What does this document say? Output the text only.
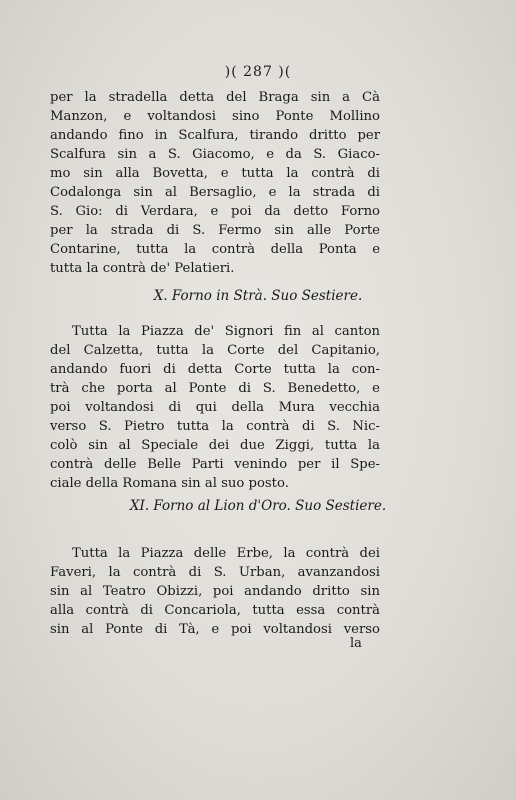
)( 287 )(
per la stradella detta del Braga sin a Cà
Manzon, e voltandosi sino Ponte Mollino
andando fino in Scalfura, tirando dritto per
Scalfura sin a S. Giacomo, e da S. Giaco-
mo sin alla Bovetta, e tutta la contrà di
Codalonga sin al Bersaglio, e la strada di
S. Gio: di Verdara, e poi da detto Forno
per la strada di S. Fermo sin alle Porte
Contarine, tutta la contrà della Ponta e
tutta la contrà de' Pelatieri.
X. Forno in Strà. Suo Sestiere.
Tutta la Piazza de' Signori fin al canton
del Calzetta, tutta la Corte del Capitanio,
andando fuori di detta Corte tutta la con-
trà che porta al Ponte di S. Benedetto, e
poi voltandosi di qui della Mura vecchia
verso S. Pietro tutta la contrà di S. Nic-
colò sin al Speciale dei due Ziggi, tutta la
contrà delle Belle Parti venindo per il Spe-
ciale della Romana sin al suo posto.
XI. Forno al Lion d'Oro. Suo Sestiere.
Tutta la Piazza delle Erbe, la contrà dei
Faveri, la contrà di S. Urban, avanzandosi
sin al Teatro Obizzi, poi andando dritto sin
alla contrà di Concariola, tutta essa contrà
sin al Ponte di Tà, e poi voltandosi verso
la
